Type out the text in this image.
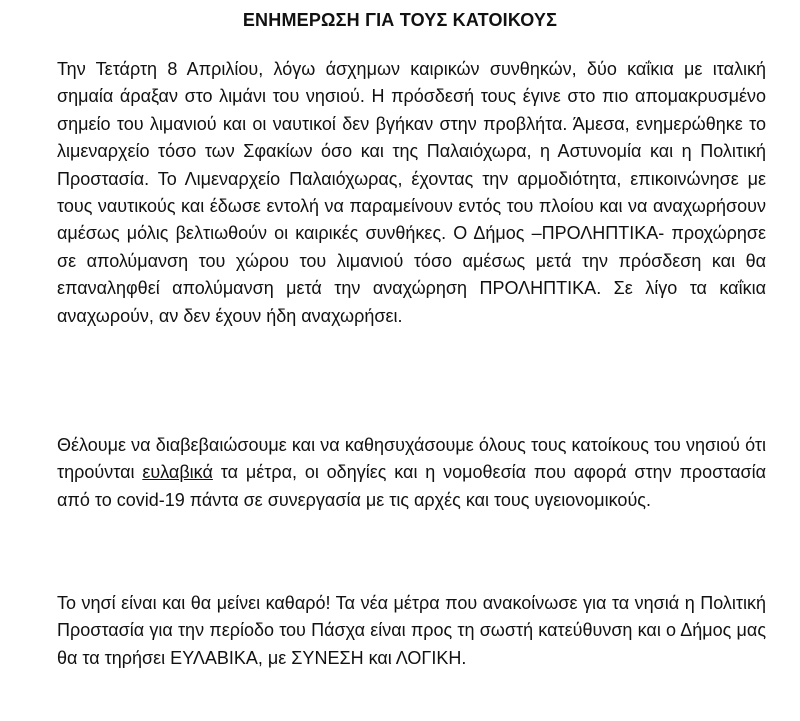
ΕΝΗΜΕΡΩΣΗ ΓΙΑ ΤΟΥΣ ΚΑΤΟΙΚΟΥΣ

Την Τετάρτη 8 Απριλίου, λόγω άσχημων καιρικών συνθηκών, δύο καΐκια με ιταλική σημαία άραξαν στο λιμάνι του νησιού. Η πρόσδεσή τους έγινε στο πιο απομακρυσμένο σημείο του λιμανιού και οι ναυτικοί δεν βγήκαν στην προβλήτα. Άμεσα, ενημερώθηκε το λιμεναρχείο τόσο των Σφακίων όσο και της Παλαιόχωρα, η Αστυνομία και η Πολιτική Προστασία. Το Λιμεναρχείο Παλαιόχωρας, έχοντας την αρμοδιότητα, επικοινώνησε με τους ναυτικούς και έδωσε εντολή να παραμείνουν εντός του πλοίου και να αναχωρήσουν αμέσως μόλις βελτιωθούν οι καιρικές συνθήκες. Ο Δήμος –ΠΡΟΛΗΠΤΙΚΑ- προχώρησε σε απολύμανση του χώρου του λιμανιού τόσο αμέσως μετά την πρόσδεση και θα επαναληφθεί απολύμανση μετά την αναχώρηση ΠΡΟΛΗΠΤΙΚΑ. Σε λίγο τα καΐκια αναχωρούν, αν δεν έχουν ήδη αναχωρήσει.

Θέλουμε να διαβεβαιώσουμε και να καθησυχάσουμε όλους τους κατοίκους του νησιού ότι τηρούνται ευλαβικά τα μέτρα, οι οδηγίες και η νομοθεσία που αφορά στην προστασία από το covid-19 πάντα σε συνεργασία με τις αρχές και τους υγειονομικούς.

Το νησί είναι και θα μείνει καθαρό! Τα νέα μέτρα που ανακοίνωσε για τα νησιά η Πολιτική Προστασία για την περίοδο του Πάσχα είναι προς τη σωστή κατεύθυνση και ο Δήμος μας θα τα τηρήσει ΕΥΛΑΒΙΚΑ, με ΣΥΝΕΣΗ και ΛΟΓΙΚΗ.
